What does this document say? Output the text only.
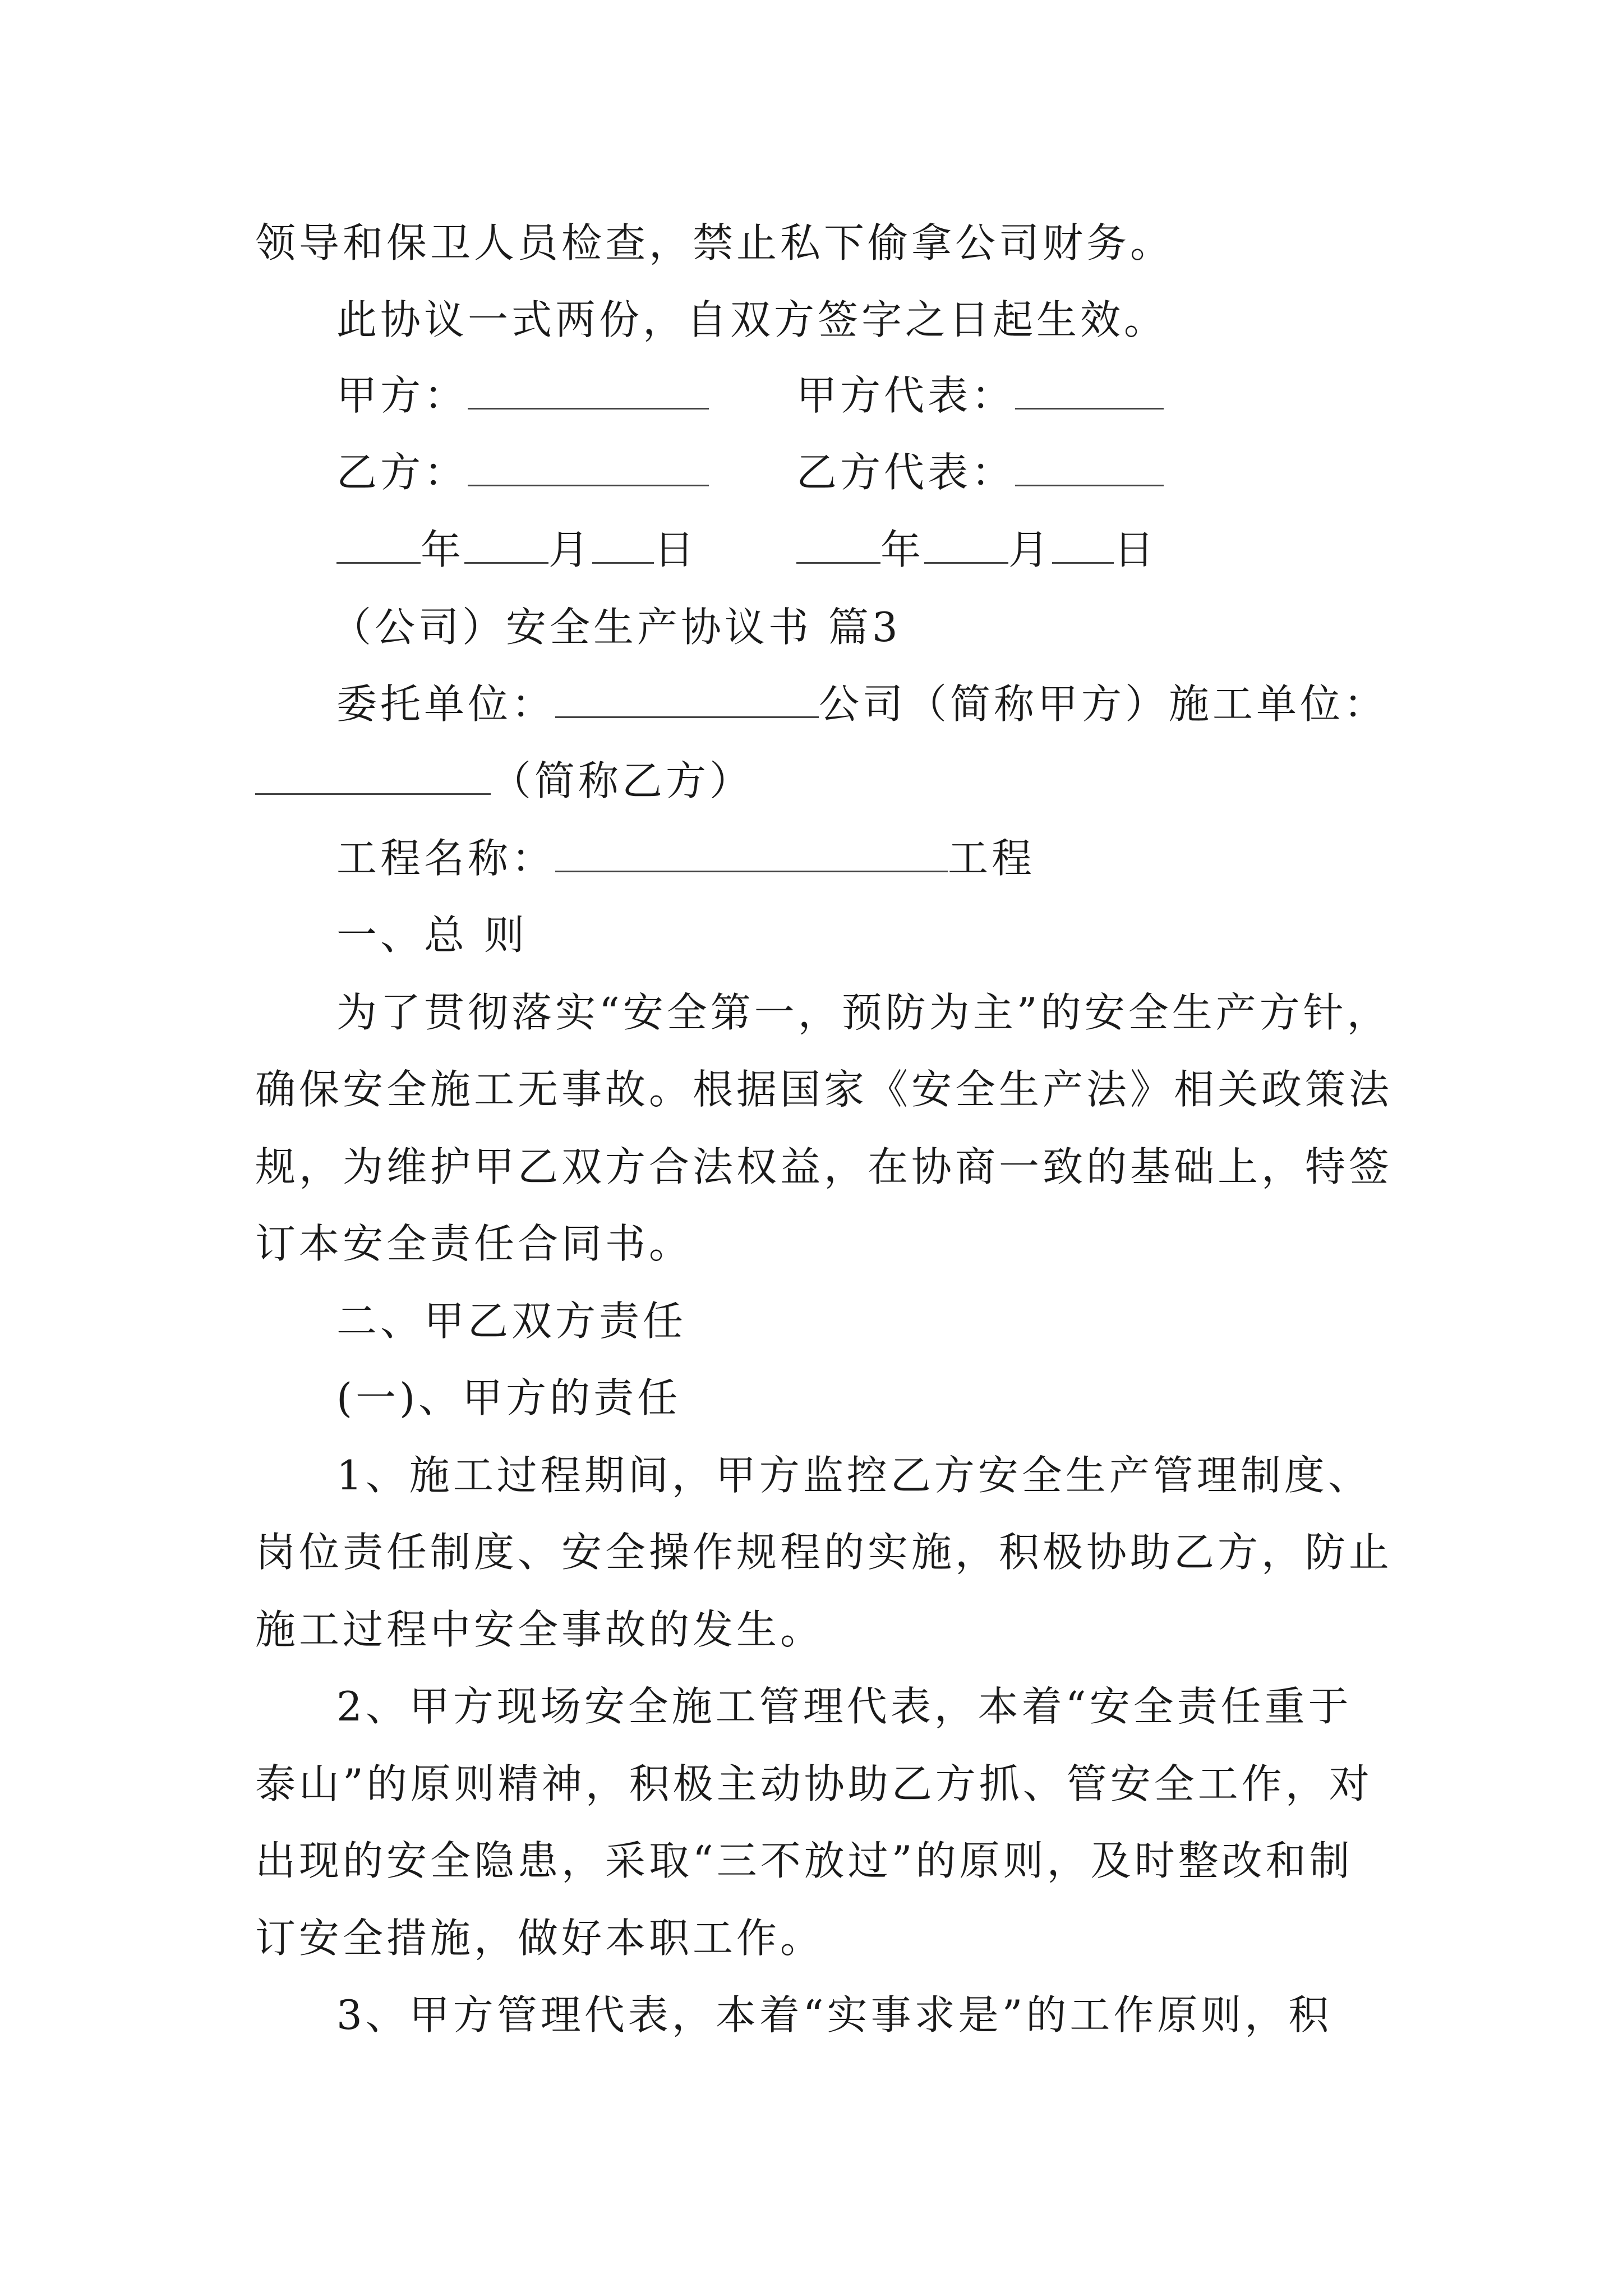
领导和保卫人员检查，禁止私下偷拿公司财务。
此协议一式两份，自双方签字之日起生效。
甲方：	甲方代表：
乙方：	乙方代表：
年 月 日	年 月 日
（公司）安全生产协议书 篇3
委托单位：	公司（简称甲方）施工单位：
（简称乙方）
工程名称：	工程
一、总 则
为了贯彻落实“安全第一，预防为主”的安全生产方针，
确保安全施工无事故。根据国家《安全生产法》相关政策法
规，为维护甲乙双方合法权益，在协商一致的基础上，特签
订本安全责任合同书。
二、甲乙双方责任
(一)、甲方的责任
1、施工过程期间，甲方监控乙方安全生产管理制度、
岗位责任制度、安全操作规程的实施，积极协助乙方，防止
施工过程中安全事故的发生。
2、甲方现场安全施工管理代表，本着“安全责任重于
泰山”的原则精神，积极主动协助乙方抓、管安全工作，对
出现的安全隐患，采取“三不放过”的原则，及时整改和制
订安全措施，做好本职工作。
3、甲方管理代表，本着“实事求是”的工作原则，积
